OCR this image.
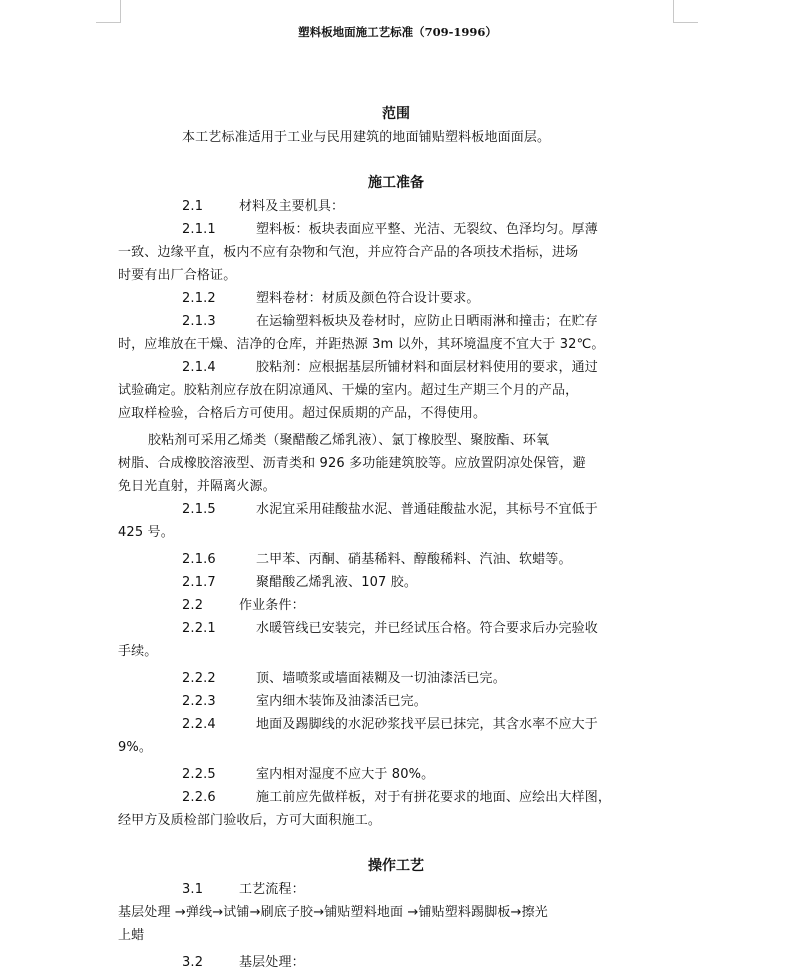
塑料板地面施工艺标准（709-1996）
范围
本工艺标准适用于工业与民用建筑的地面铺贴塑料板地面面层。
施工准备
2.1	材料及主要机具：
2.1.1	塑料板：板块表面应平整、光洁、无裂纹、色泽均匀。厚薄
一致、边缘平直，板内不应有杂物和气泡，并应符合产品的各项技术指标，进场
时要有出厂合格证。
2.1.2	塑料卷材：材质及颜色符合设计要求。
2.1.3	在运输塑料板块及卷材时，应防止日晒雨淋和撞击；在贮存
时，应堆放在干燥、洁净的仓库，并距热源 3m 以外，其环境温度不宜大于 32℃。
2.1.4	胶粘剂：应根据基层所铺材料和面层材料使用的要求，通过
试验确定。胶粘剂应存放在阴凉通风、干燥的室内。超过生产期三个月的产品，
应取样检验，合格后方可使用。超过保质期的产品，不得使用。
胶粘剂可采用乙烯类（聚醋酸乙烯乳液）、氯丁橡胶型、聚胺酯、环氧
树脂、合成橡胶溶液型、沥青类和 926 多功能建筑胶等。应放置阴凉处保管，避
免日光直射，并隔离火源。
2.1.5	水泥宜采用硅酸盐水泥、普通硅酸盐水泥，其标号不宜低于
425 号。
2.1.6	二甲苯、丙酮、硝基稀料、醇酸稀料、汽油、软蜡等。
2.1.7	聚醋酸乙烯乳液、107 胶。
2.2	作业条件：
2.2.1	水暖管线已安装完，并已经试压合格。符合要求后办完验收
手续。
2.2.2	顶、墙喷浆或墙面裱糊及一切油漆活已完。
2.2.3	室内细木装饰及油漆活已完。
2.2.4	地面及踢脚线的水泥砂浆找平层已抹完，其含水率不应大于
9%。
2.2.5	室内相对湿度不应大于 80%。
2.2.6	施工前应先做样板，对于有拼花要求的地面、应绘出大样图，
经甲方及质检部门验收后，方可大面积施工。
操作工艺
3.1	工艺流程：
基层处理 →弹线→试铺→刷底子胶→铺贴塑料地面 →铺贴塑料踢脚板→擦光
上蜡
3.2	基层处理：
